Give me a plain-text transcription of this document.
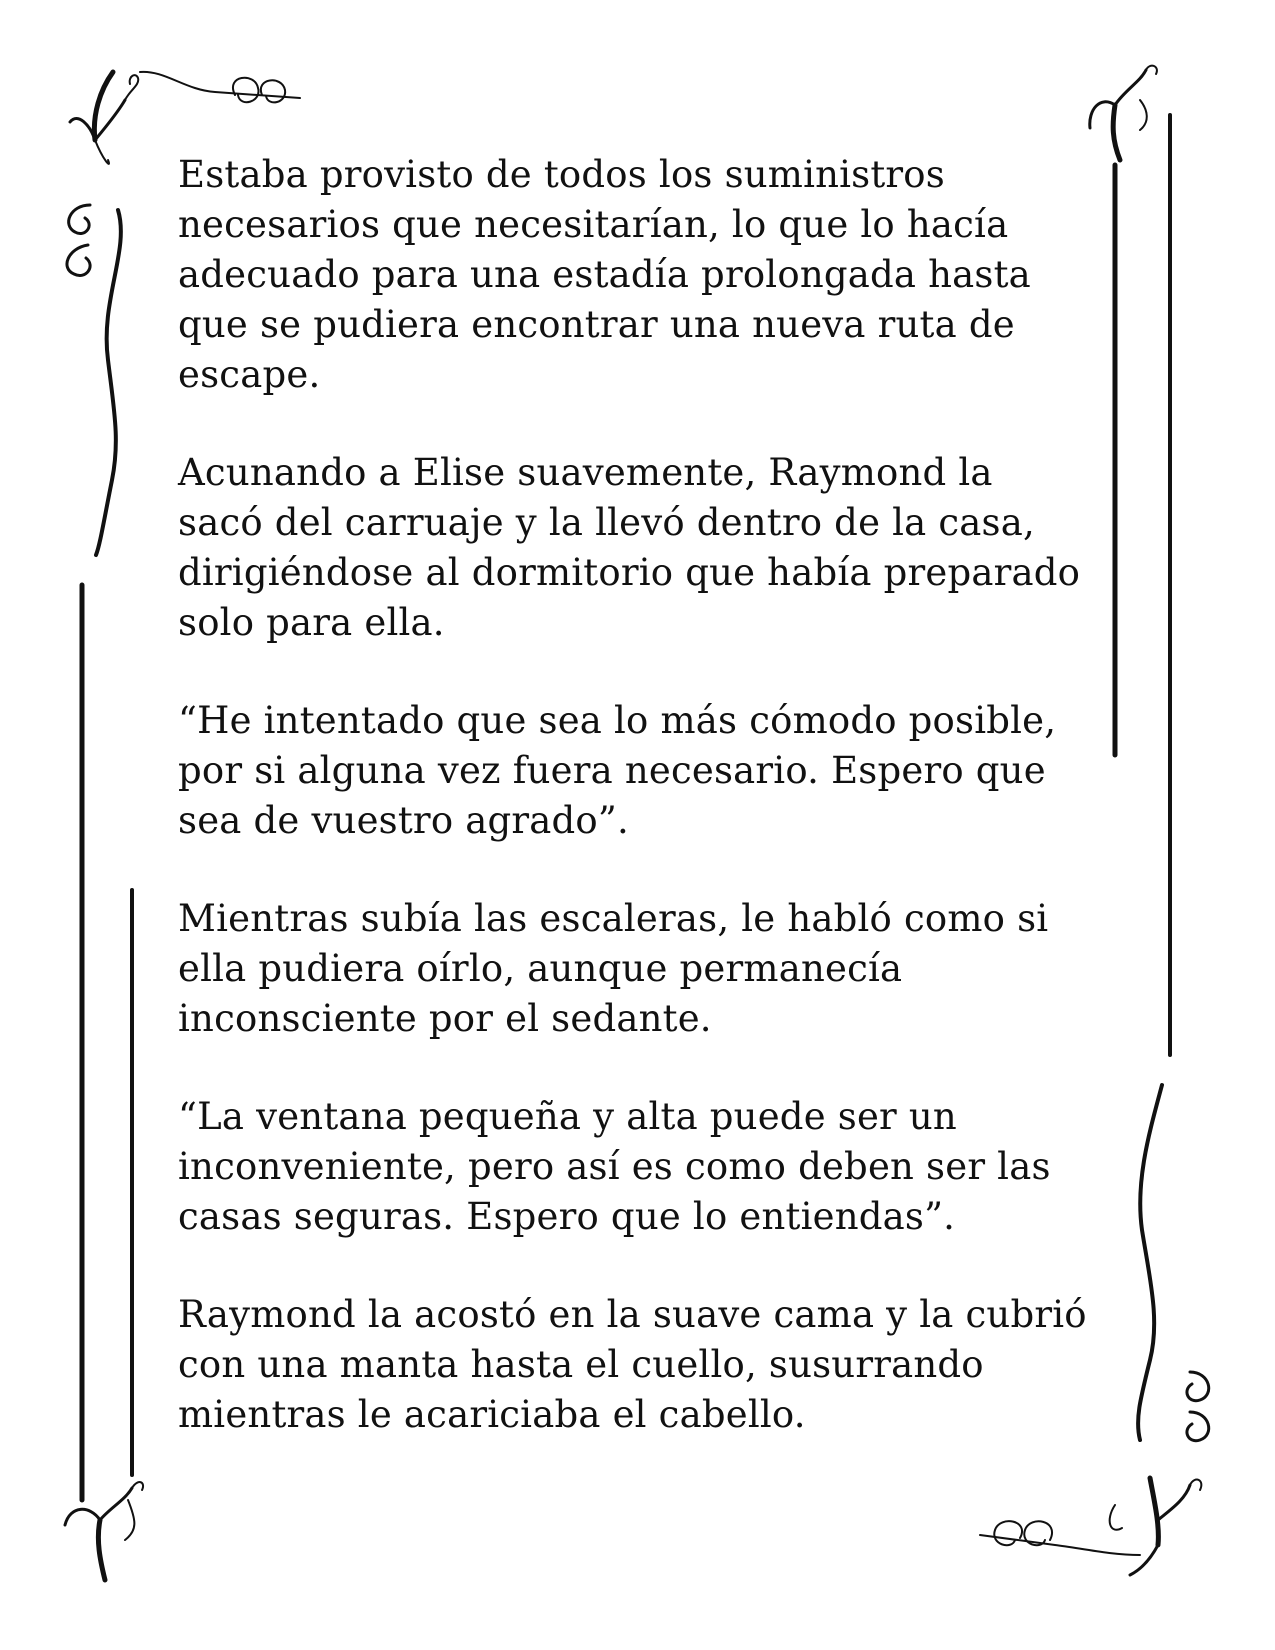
Estaba provisto de todos los suministros
necesarios que necesitarían, lo que lo hacía
adecuado para una estadía prolongada hasta
que se pudiera encontrar una nueva ruta de
escape.

Acunando a Elise suavemente, Raymond la
sacó del carruaje y la llevó dentro de la casa,
dirigiéndose al dormitorio que había preparado
solo para ella.

“He intentado que sea lo más cómodo posible,
por si alguna vez fuera necesario. Espero que
sea de vuestro agrado”.

Mientras subía las escaleras, le habló como si
ella pudiera oírlo, aunque permanecía
inconsciente por el sedante.

“La ventana pequeña y alta puede ser un
inconveniente, pero así es como deben ser las
casas seguras. Espero que lo entiendas”.

Raymond la acostó en la suave cama y la cubrió
con una manta hasta el cuello, susurrando
mientras le acariciaba el cabello.
